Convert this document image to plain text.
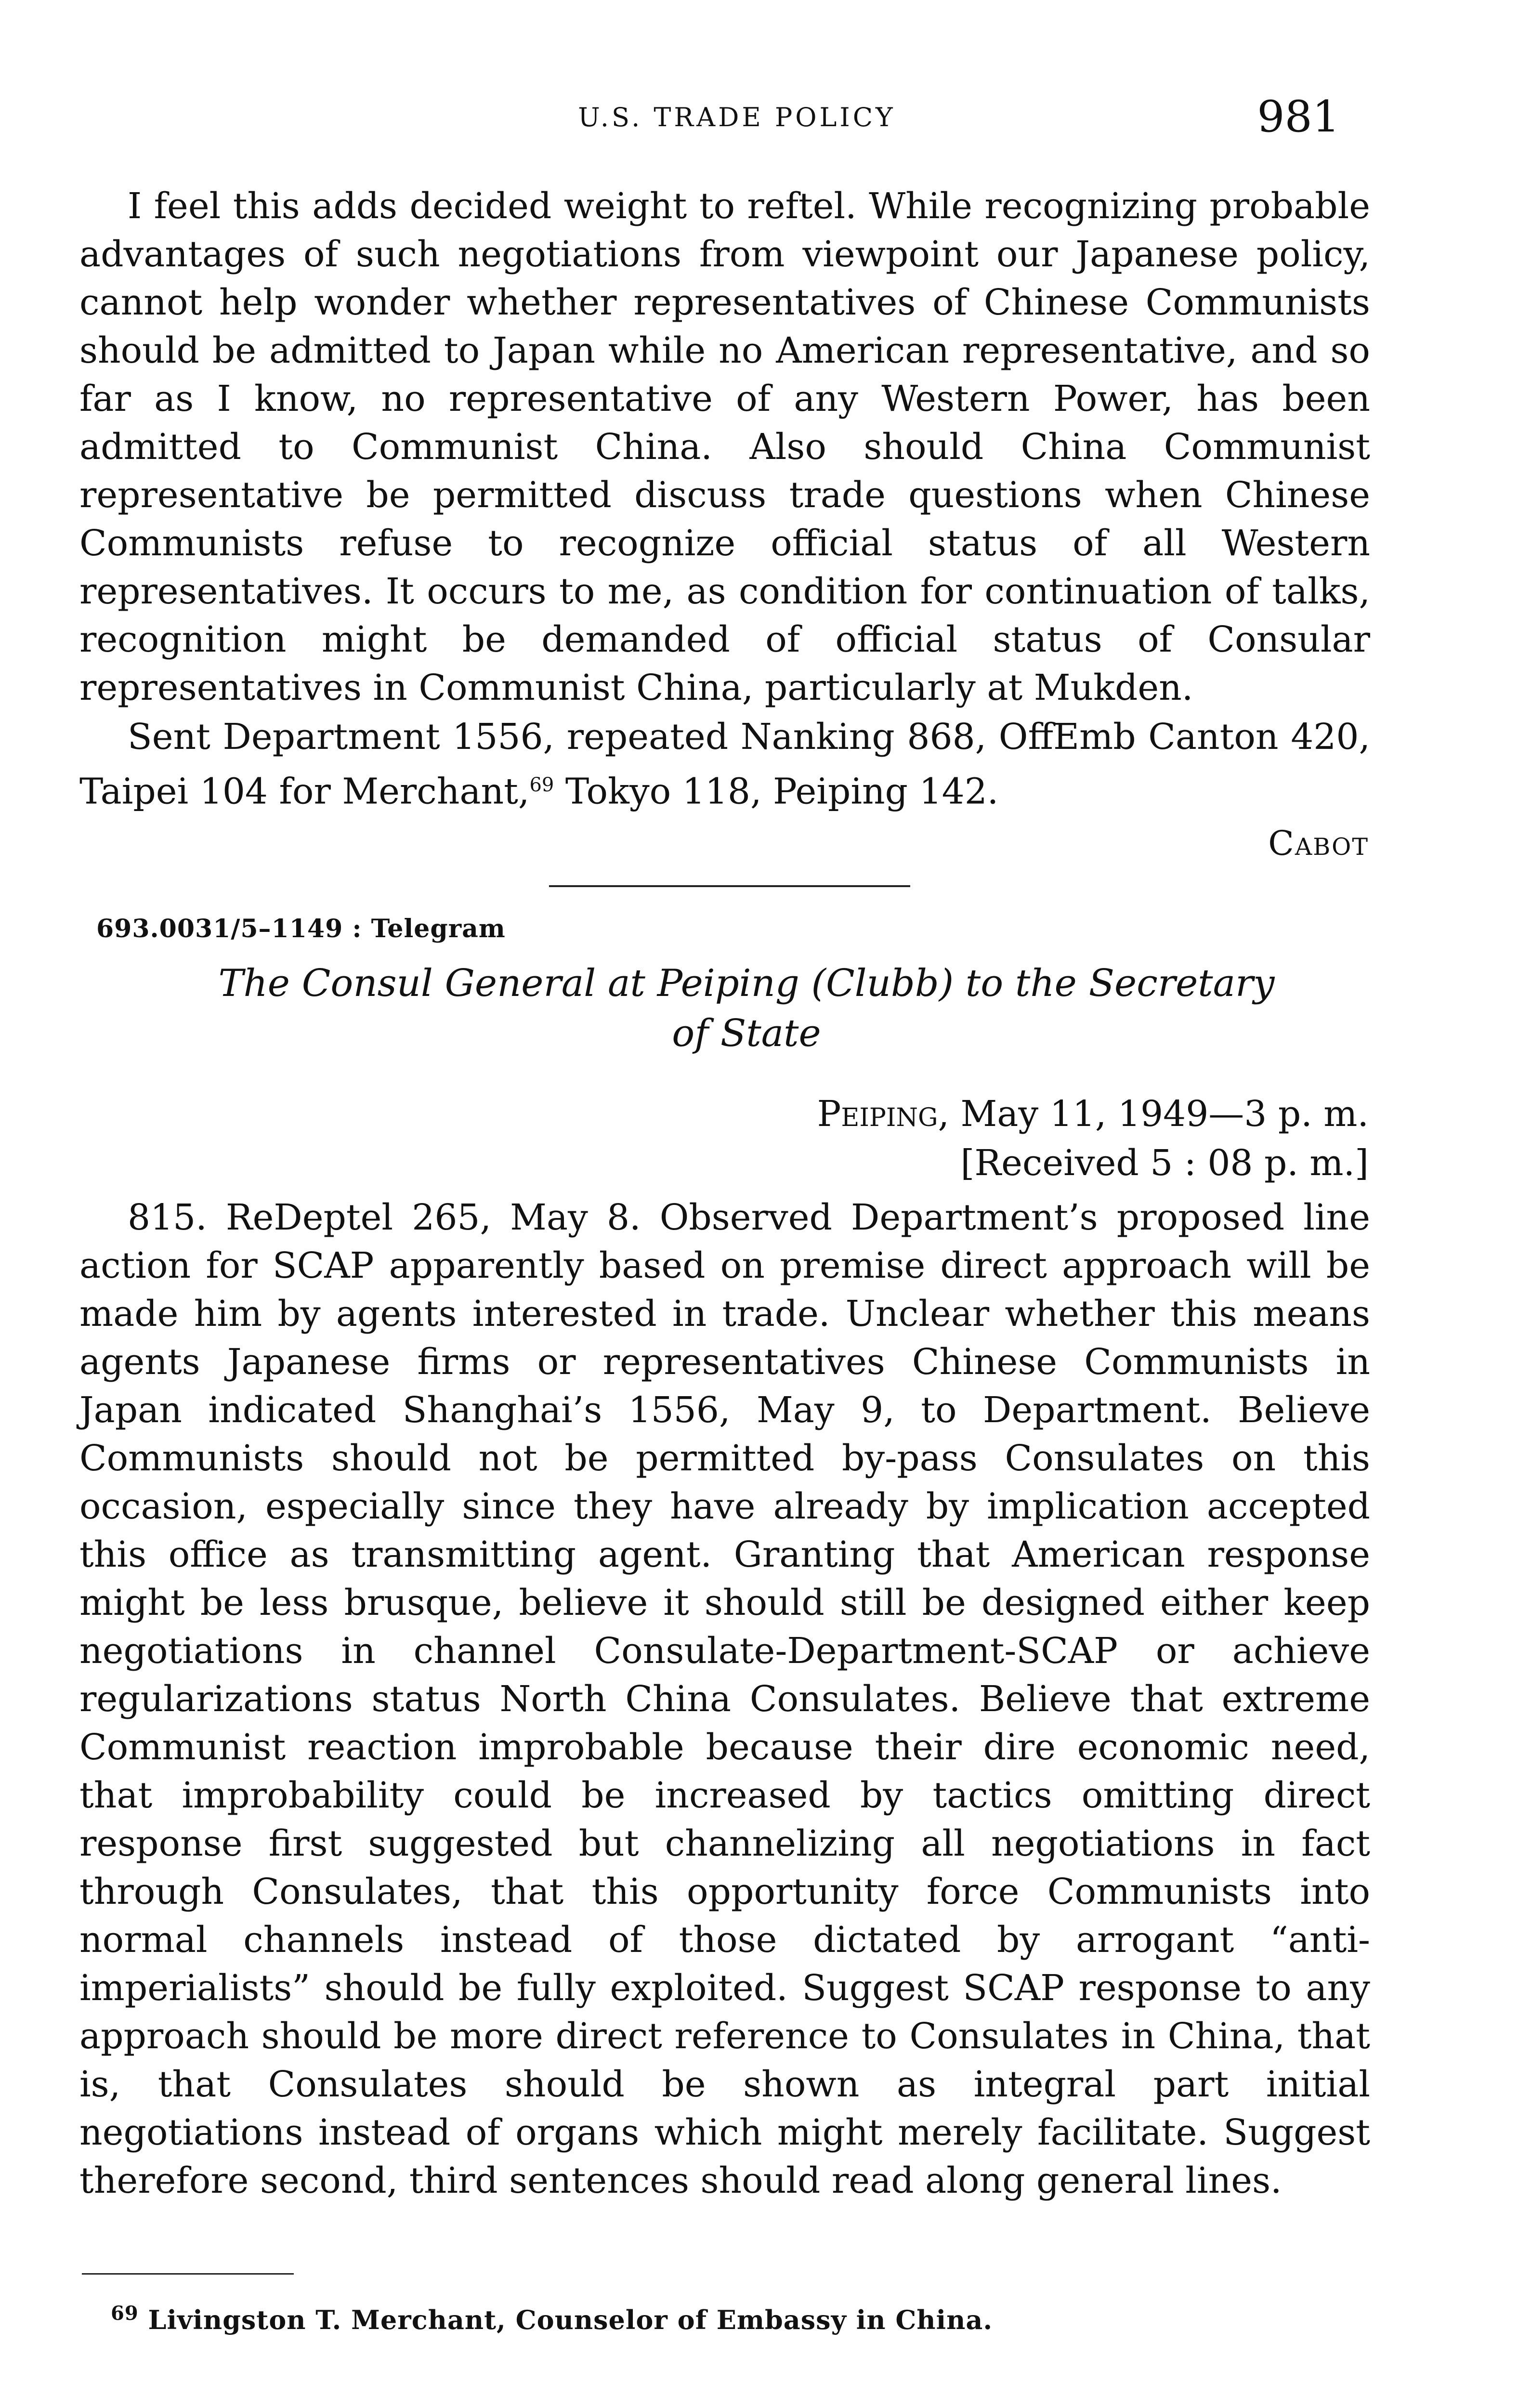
U.S. TRADE POLICY	981
I feel this adds decided weight to reftel. While recognizing probable advantages of such negotiations from viewpoint our Japanese policy, cannot help wonder whether representatives of Chinese Communists should be admitted to Japan while no American representative, and so far as I know, no representative of any Western Power, has been admitted to Communist China. Also should China Communist representative be permitted discuss trade questions when Chinese Communists refuse to recognize official status of all Western representatives. It occurs to me, as condition for continuation of talks, recognition might be demanded of official status of Consular representatives in Communist China, particularly at Mukden.
Sent Department 1556, repeated Nanking 868, OffEmb Canton 420, Taipei 104 for Merchant,$^{69}$ Tokyo 118, Peiping 142.
Cabot
693.0031/5–1149 : Telegram
The Consul General at Peiping (Clubb) to the Secretary
of State
Peiping, May 11, 1949—3 p. m.
[Received 5 : 08 p. m.]
815. ReDeptel 265, May 8. Observed Department’s proposed line action for SCAP apparently based on premise direct approach will be made him by agents interested in trade. Unclear whether this means agents Japanese firms or representatives Chinese Communists in Japan indicated Shanghai’s 1556, May 9, to Department. Believe Communists should not be permitted by-pass Consulates on this occasion, especially since they have already by implication accepted this office as transmitting agent. Granting that American response might be less brusque, believe it should still be designed either keep negotiations in channel Consulate-Department-SCAP or achieve regularizations status North China Consulates. Believe that extreme Communist reaction improbable because their dire economic need, that improbability could be increased by tactics omitting direct response first suggested but channelizing all negotiations in fact through Consulates, that this opportunity force Communists into normal channels instead of those dictated by arrogant “anti-imperialists” should be fully exploited. Suggest SCAP response to any approach should be more direct reference to Consulates in China, that is, that Consulates should be shown as integral part initial negotiations instead of organs which might merely facilitate. Suggest therefore second, third sentences should read along general lines.
$^{69}$ Livingston T. Merchant, Counselor of Embassy in China.
